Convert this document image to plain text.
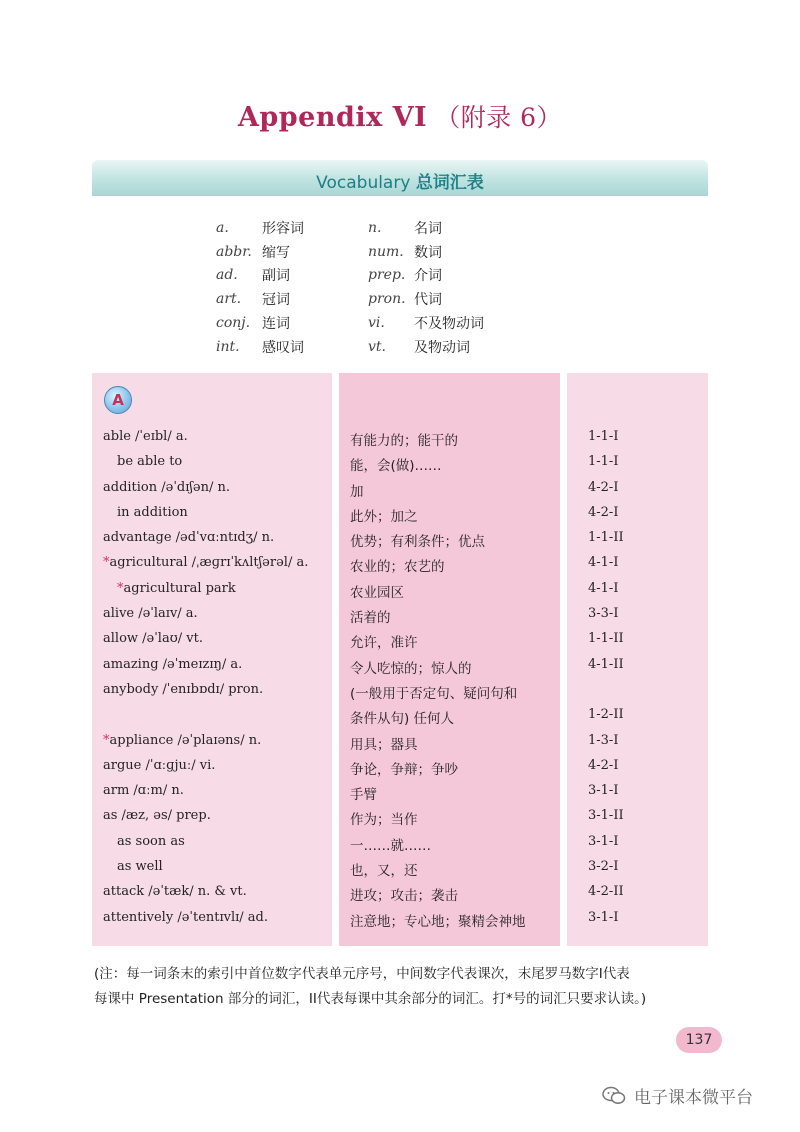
Appendix VI （附录 6）
Vocabulary 总词汇表
a.	形容词	n.	名词
abbr. 缩写	num. 数词
ad.	副词	prep. 介词
art.	冠词	pron. 代词
conj. 连词	vi.	不及物动词
int.	感叹词	vt.	及物动词
A
able /ˈeɪbl/ a.	有能力的；能干的	1-1-I
be able to	能，会(做)……	1-1-I
addition /əˈdɪʃən/ n.	加	4-2-I
in addition	此外；加之	4-2-I
advantage /ədˈvɑːntɪdʒ/ n.	优势；有利条件；优点	1-1-II
*agricultural /ˌæɡrɪˈkʌltʃərəl/ a.	农业的；农艺的	4-1-I
*agricultural park	农业园区	4-1-I
alive /əˈlaɪv/ a.	活着的	3-3-I
allow /əˈlaʊ/ vt.	允许，准许	1-1-II
amazing /əˈmeɪzɪŋ/ a.	令人吃惊的；惊人的	4-1-II
anybody /ˈenɪbɒdɪ/ pron.	(一般用于否定句、疑问句和
条件从句) 任何人	1-2-II
*appliance /əˈplaɪəns/ n.	用具；器具	1-3-I
argue /ˈɑːɡjuː/ vi.	争论，争辩；争吵	4-2-I
arm /ɑːm/ n.	手臂	3-1-I
as /æz, əs/ prep.	作为；当作	3-1-II
as soon as	一……就……	3-1-I
as well	也，又，还	3-2-I
attack /əˈtæk/ n. & vt.	进攻；攻击；袭击	4-2-II
attentively /əˈtentɪvlɪ/ ad.	注意地；专心地；聚精会神地	3-1-I
(注：每一词条末的索引中首位数字代表单元序号，中间数字代表课次，末尾罗马数字I代表
每课中 Presentation 部分的词汇，II代表每课中其余部分的词汇。打*号的词汇只要求认读。)
137
电子课本微平台
